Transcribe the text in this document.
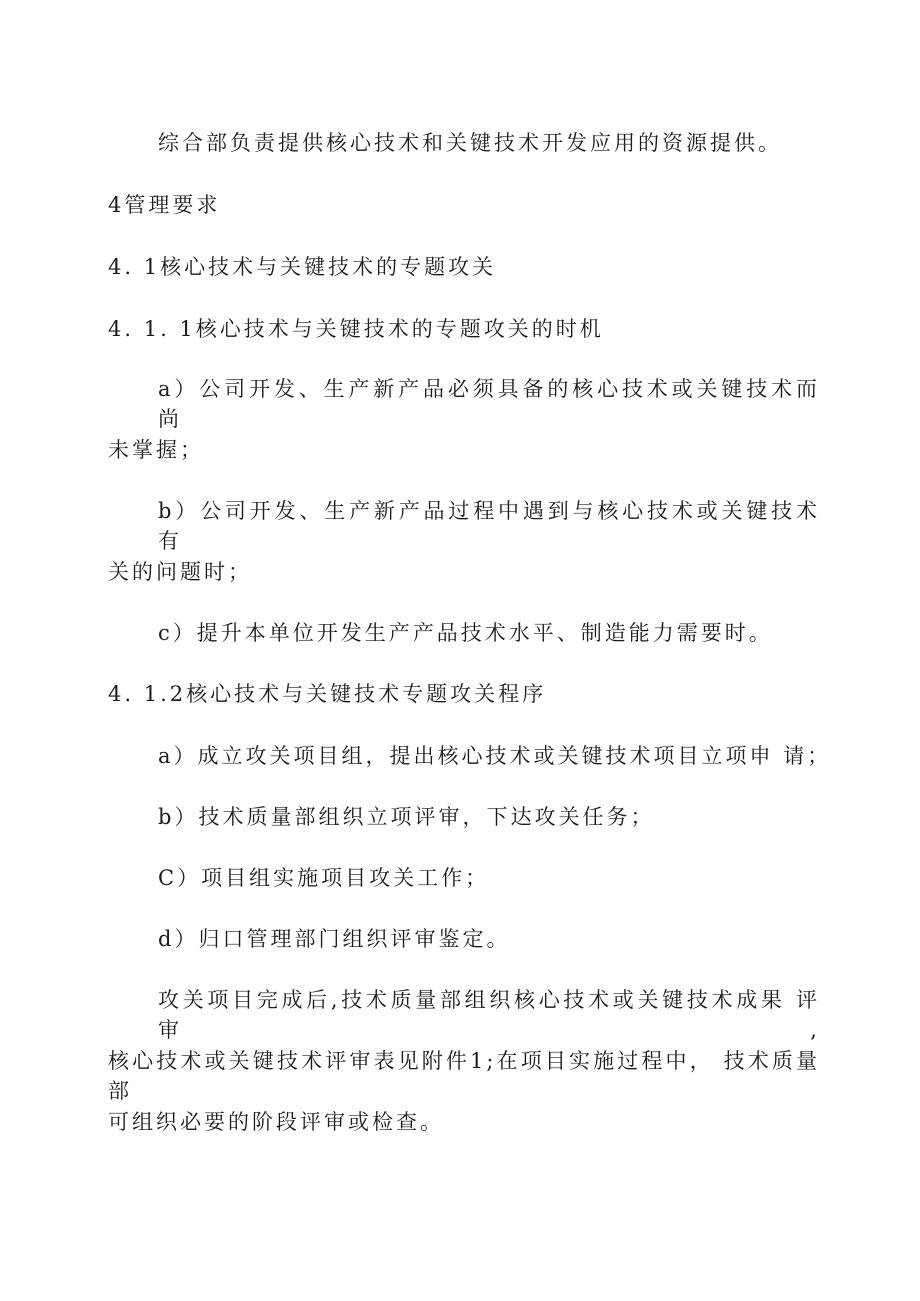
综合部负责提供核心技术和关键技术开发应用的资源提供。
4管理要求
4. 1核心技术与关键技术的专题攻关
4. 1. 1核心技术与关键技术的专题攻关的时机
a）公司开发、生产新产品必须具备的核心技术或关键技术而 尚
未掌握；
b）公司开发、生产新产品过程中遇到与核心技术或关键技术 有
关的问题时；
c）提升本单位开发生产产品技术水平、制造能力需要时。
4. 1.2核心技术与关键技术专题攻关程序
a）成立攻关项目组，提出核心技术或关键技术项目立项申 请；
b）技术质量部组织立项评审，下达攻关任务；
C）项目组实施项目攻关工作；
d）归口管理部门组织评审鉴定。
攻关项目完成后,技术质量部组织核心技术或关键技术成果 评审,
核心技术或关键技术评审表见附件1;在项目实施过程中， 技术质量部
可组织必要的阶段评审或检查。
